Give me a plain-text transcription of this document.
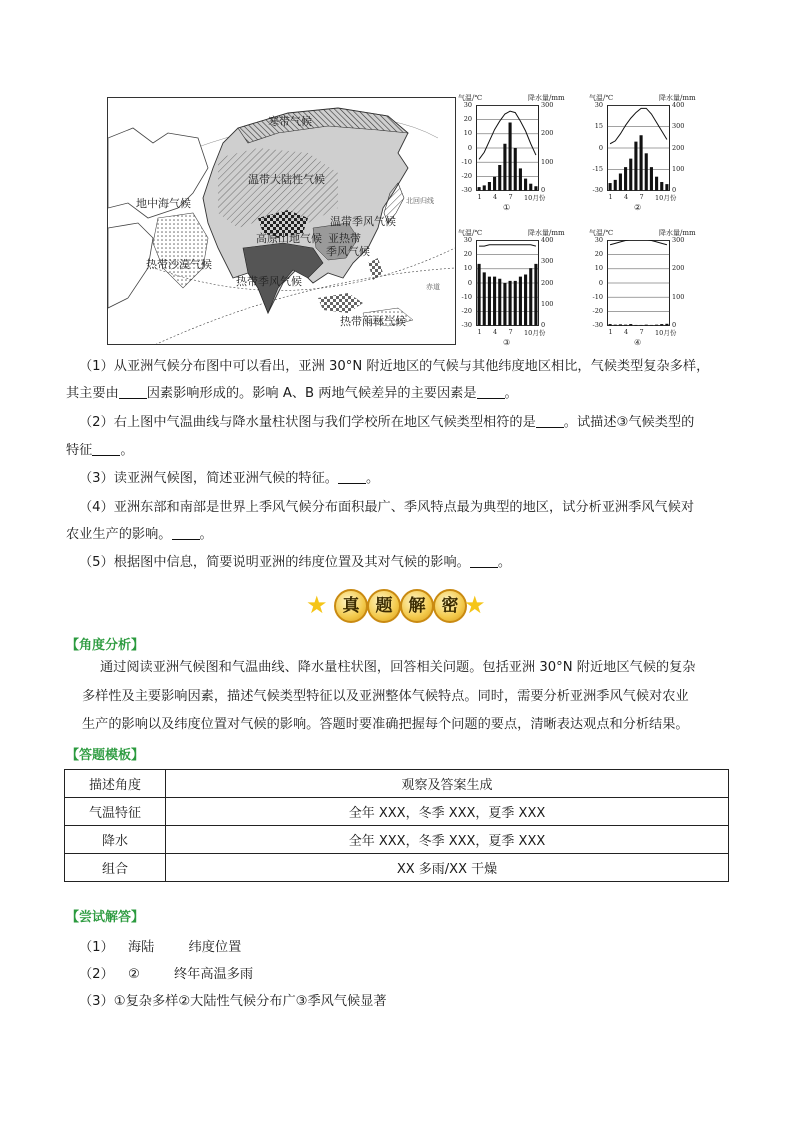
寒带气候
温带大陆性气候
地中海气候
温带季风气候
高原山地气候 亚热带
季风气候
热带沙漠气候
热带季风气候
热带雨林气候
北回归线
赤道
气温/℃	降水量/mm
30
20
10
0
-10
-20
-30
300
200
100
0
1 4 7 10月份
①
气温/℃	降水量/mm
30
15
0
-15
-30
400
300
200
100
0
1 4 7 10月份
②
气温/℃	降水量/mm
30
20
10
0
-10
-20
-30
400
300
200
100
0
1 4 7 10月份
③
气温/℃	降水量/mm
30
20
10
0
-10
-20
-30
300
200
100
0
1 4 7 10月份
④
（1）从亚洲气候分布图中可以看出，亚洲 30°N 附近地区的气候与其他纬度地区相比，气候类型复杂多样，
其主要由 因素影响形成的。影响 A、B 两地气候差异的主要因素是 。
（2）右上图中气温曲线与降水量柱状图与我们学校所在地区气候类型相符的是 。试描述③气候类型的
特征 。
（3）读亚洲气候图，简述亚洲气候的特征。 。
（4）亚洲东部和南部是世界上季风气候分布面积最广、季风特点最为典型的地区，试分析亚洲季风气候对
农业生产的影响。 。
（5）根据图中信息，简要说明亚洲的纬度位置及其对气候的影响。 。
★ 真 题 解 密 ★
【角度分析】
通过阅读亚洲气候图和气温曲线、降水量柱状图，回答相关问题。包括亚洲 30°N 附近地区气候的复杂
多样性及主要影响因素，描述气候类型特征以及亚洲整体气候特点。同时，需要分析亚洲季风气候对农业
生产的影响以及纬度位置对气候的影响。答题时要准确把握每个问题的要点，清晰表达观点和分析结果。
【答题模板】
描述角度	观察及答案生成
气温特征	全年 XXX，冬季 XXX，夏季 XXX
降水	全年 XXX，冬季 XXX，夏季 XXX
组合	XX 多雨/XX 干燥
【尝试解答】
（1） 海陆	纬度位置
（2） ②	终年高温多雨
（3）①复杂多样②大陆性气候分布广③季风气候显著
